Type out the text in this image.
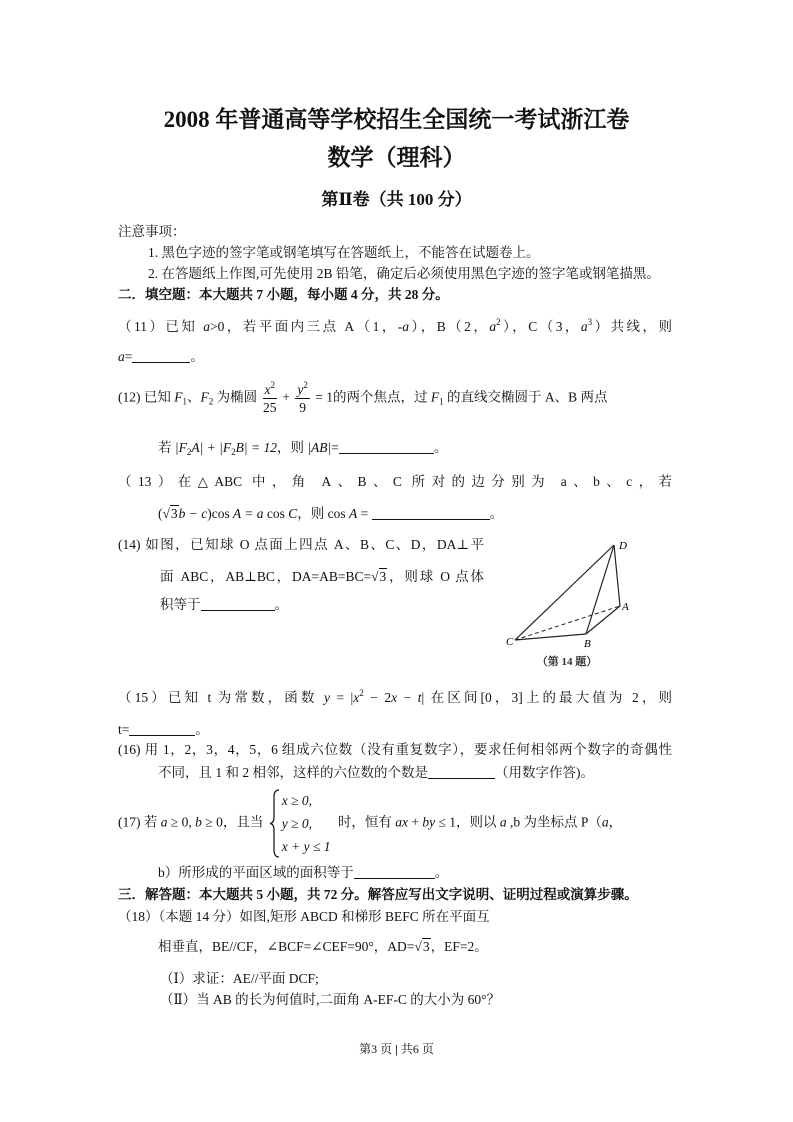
2008 年普通高等学校招生全国统一考试浙江卷
数学（理科）
第Ⅱ卷（共 100 分）
注意事项：
1. 黑色字迹的签字笔或钢笔填写在答题纸上，不能答在试题卷上。
2. 在答题纸上作图,可先使用 2B 铅笔，确定后必须使用黑色字迹的签字笔或钢笔描黑。
二．填空题：本大题共 7 小题，每小题 4 分，共 28 分。
（11）已知 a>0，若平面内三点 A（1，-a），B（2，$a^2$），C（3，$a^3$）共线，则
a=	。
(12) 已知 $F_1$、$F_2$ 为椭圆 $\frac{x^2}{25} + \frac{y^2}{9} = 1$的两个焦点，过 $F_1$ 的直线交椭圆于 A、B 两点
若 $|F_2A| + |F_2B| = 12$，则 |AB|=	。
（13）在△ABC 中，角 A、B、C 所对的边分别为 a、b、c，若
(√3b − c)cos A = a cos C，则 cos A =	。
(14) 如图，已知球 O 点面上四点 A、B、C、D，DA⊥平
面 ABC，AB⊥BC，DA=AB=BC=√3，则球 O 点体
积等于	。
D
A
B
C
（第 14 题）
（15）已知 t 为常数，函数 $y = |x^2 - 2x - t|$ 在区间[0，3]上的最大值为 2，则
t=	。
(16) 用 1，2，3，4，5，6 组成六位数（没有重复数字），要求任何相邻两个数字的奇偶性
不同，且 1 和 2 相邻，这样的六位数的个数是	（用数字作答)。
(17) 若 a ≥ 0, b ≥ 0，且当
x ≥ 0,
y ≥ 0,
x + y ≤ 1
时，恒有 ax + by ≤ 1，则以 a ,b 为坐标点 P（a，
b）所形成的平面区域的面积等于	。
三．解答题：本大题共 5 小题，共 72 分。解答应写出文字说明、证明过程或演算步骤。
（18）（本题 14 分）如图,矩形 ABCD 和梯形 BEFC 所在平面互
相垂直，BE//CF，∠BCF=∠CEF=90°，AD=√3，EF=2。
（Ⅰ）求证：AE//平面 DCF;
（Ⅱ）当 AB 的长为何值时,二面角 A-EF-C 的大小为 60°？
第3 页 | 共6 页
